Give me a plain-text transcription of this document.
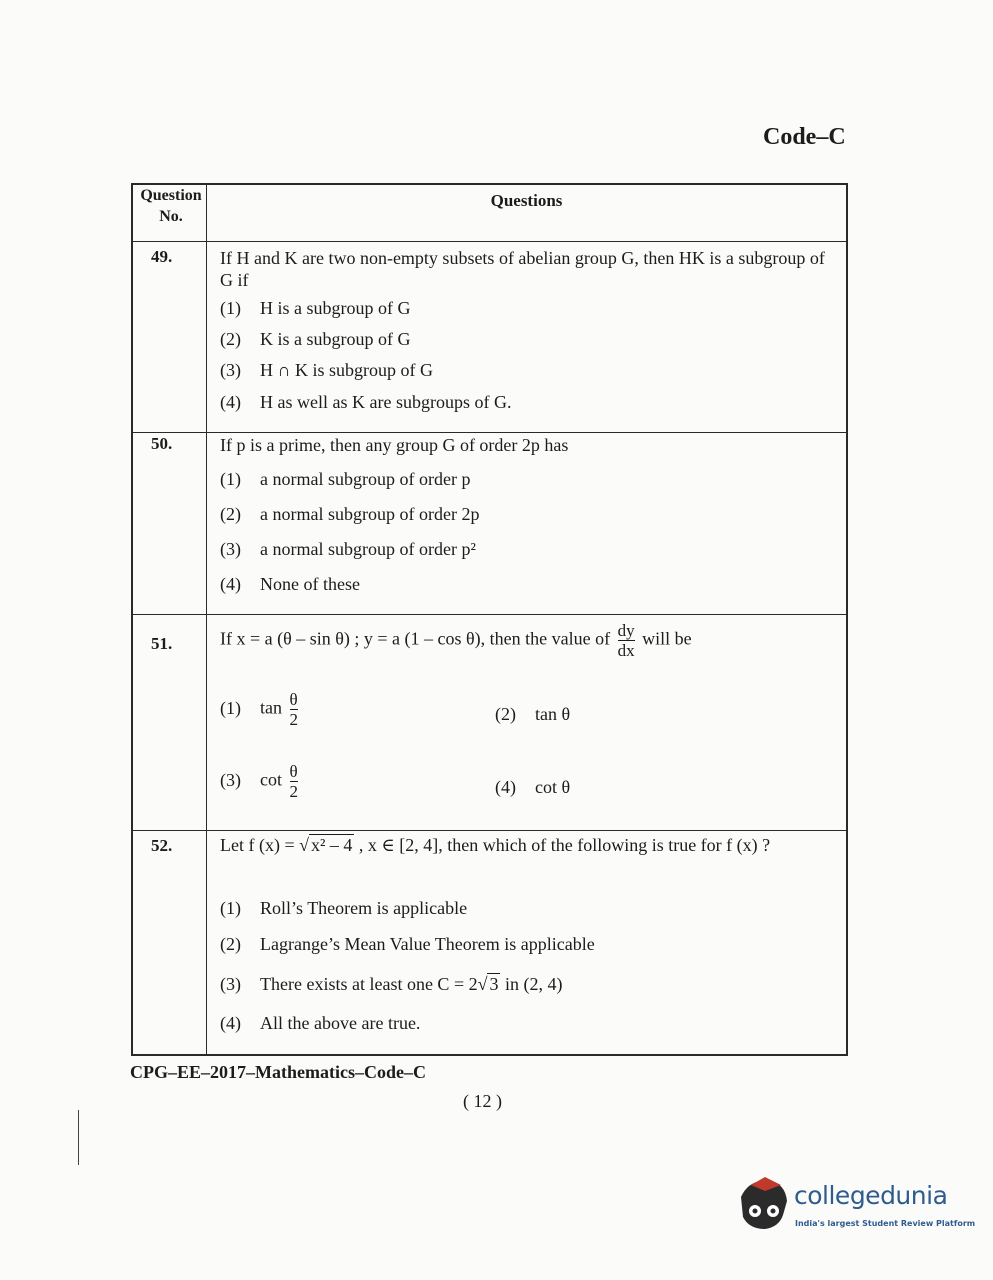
Code–C
Question No.
Questions
49.	If H and K are two non-empty subsets of abelian group G, then HK is a subgroup of G if
(1) H is a subgroup of G
(2) K is a subgroup of G
(3) H ∩ K is subgroup of G
(4) H as well as K are subgroups of G.
50.	If p is a prime, then any group G of order 2p has
(1) a normal subgroup of order p
(2) a normal subgroup of order 2p
(3) a normal subgroup of order p²
(4) None of these
51.	If x = a (θ – sin θ) ; y = a (1 – cos θ), then the value of $\frac{dy}{dx}$ will be
(1) $\tan \frac{\theta}{2}$	(2) tan θ
(3) $\cot \frac{\theta}{2}$	(4) cot θ
52.	Let f (x) = √ x² – 4 , x ∈ [2, 4], then which of the following is true for f (x) ?
(1) Roll’s Theorem is applicable
(2) Lagrange’s Mean Value Theorem is applicable
(3) There exists at least one C = 2√ 3 in (2, 4)
(4) All the above are true.
CPG–EE–2017–Mathematics–Code–C
( 12 )
collegedunia
India's largest Student Review Platform
